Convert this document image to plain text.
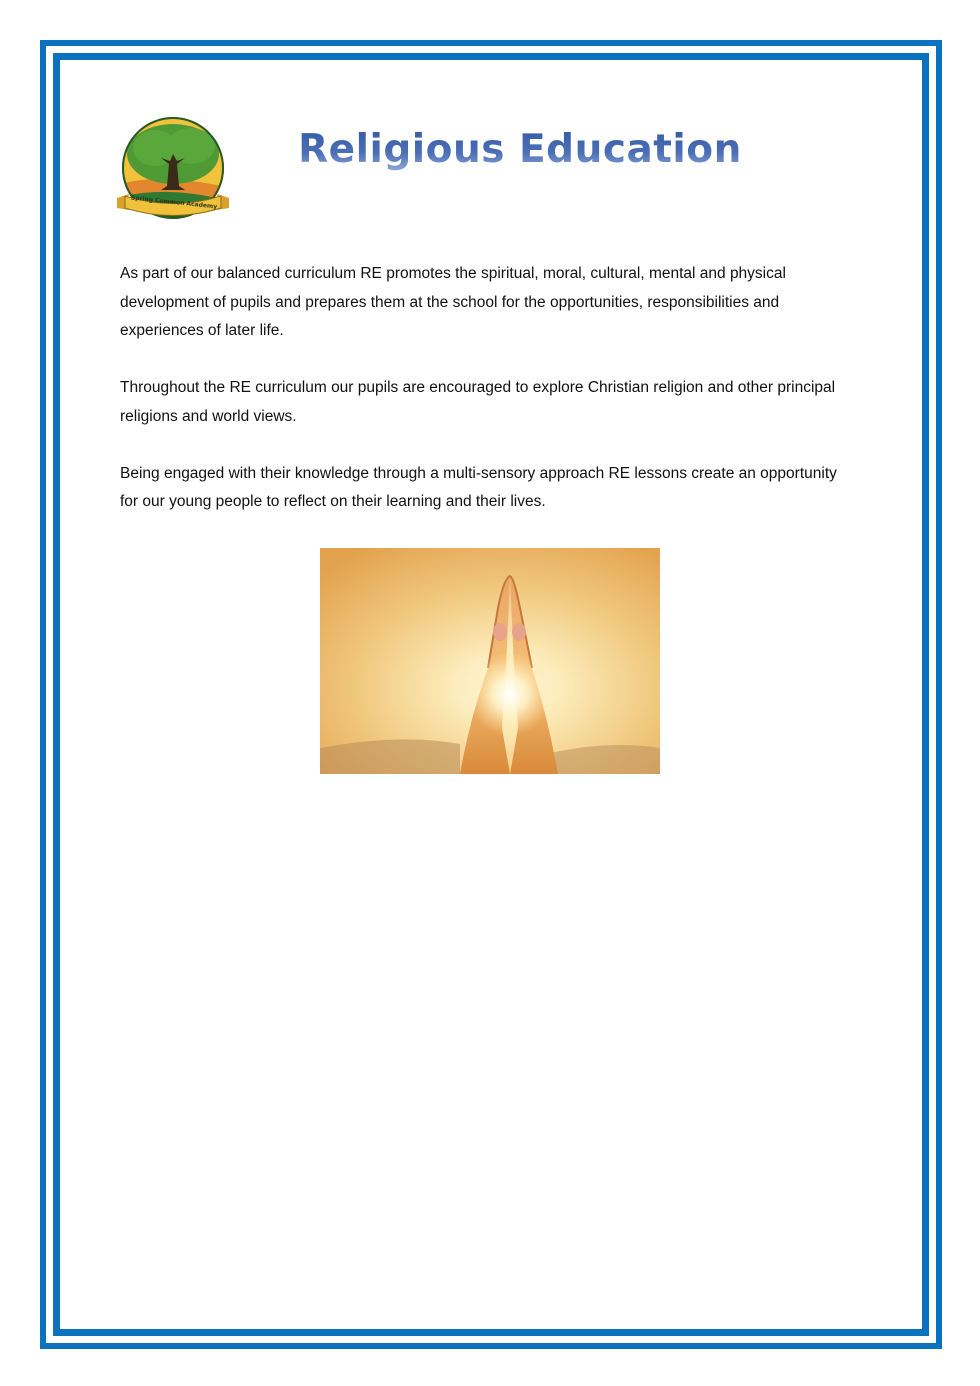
Spring Common Academy
Religious Education

As part of our balanced curriculum RE promotes the spiritual, moral, cultural, mental and physical development of pupils and prepares them at the school for the opportunities, responsibilities and experiences of later life.

Throughout the RE curriculum our pupils are encouraged to explore Christian religion and other principal religions and world views.

Being engaged with their knowledge through a multi-sensory approach RE lessons create an opportunity for our young people to reflect on their learning and their lives.
